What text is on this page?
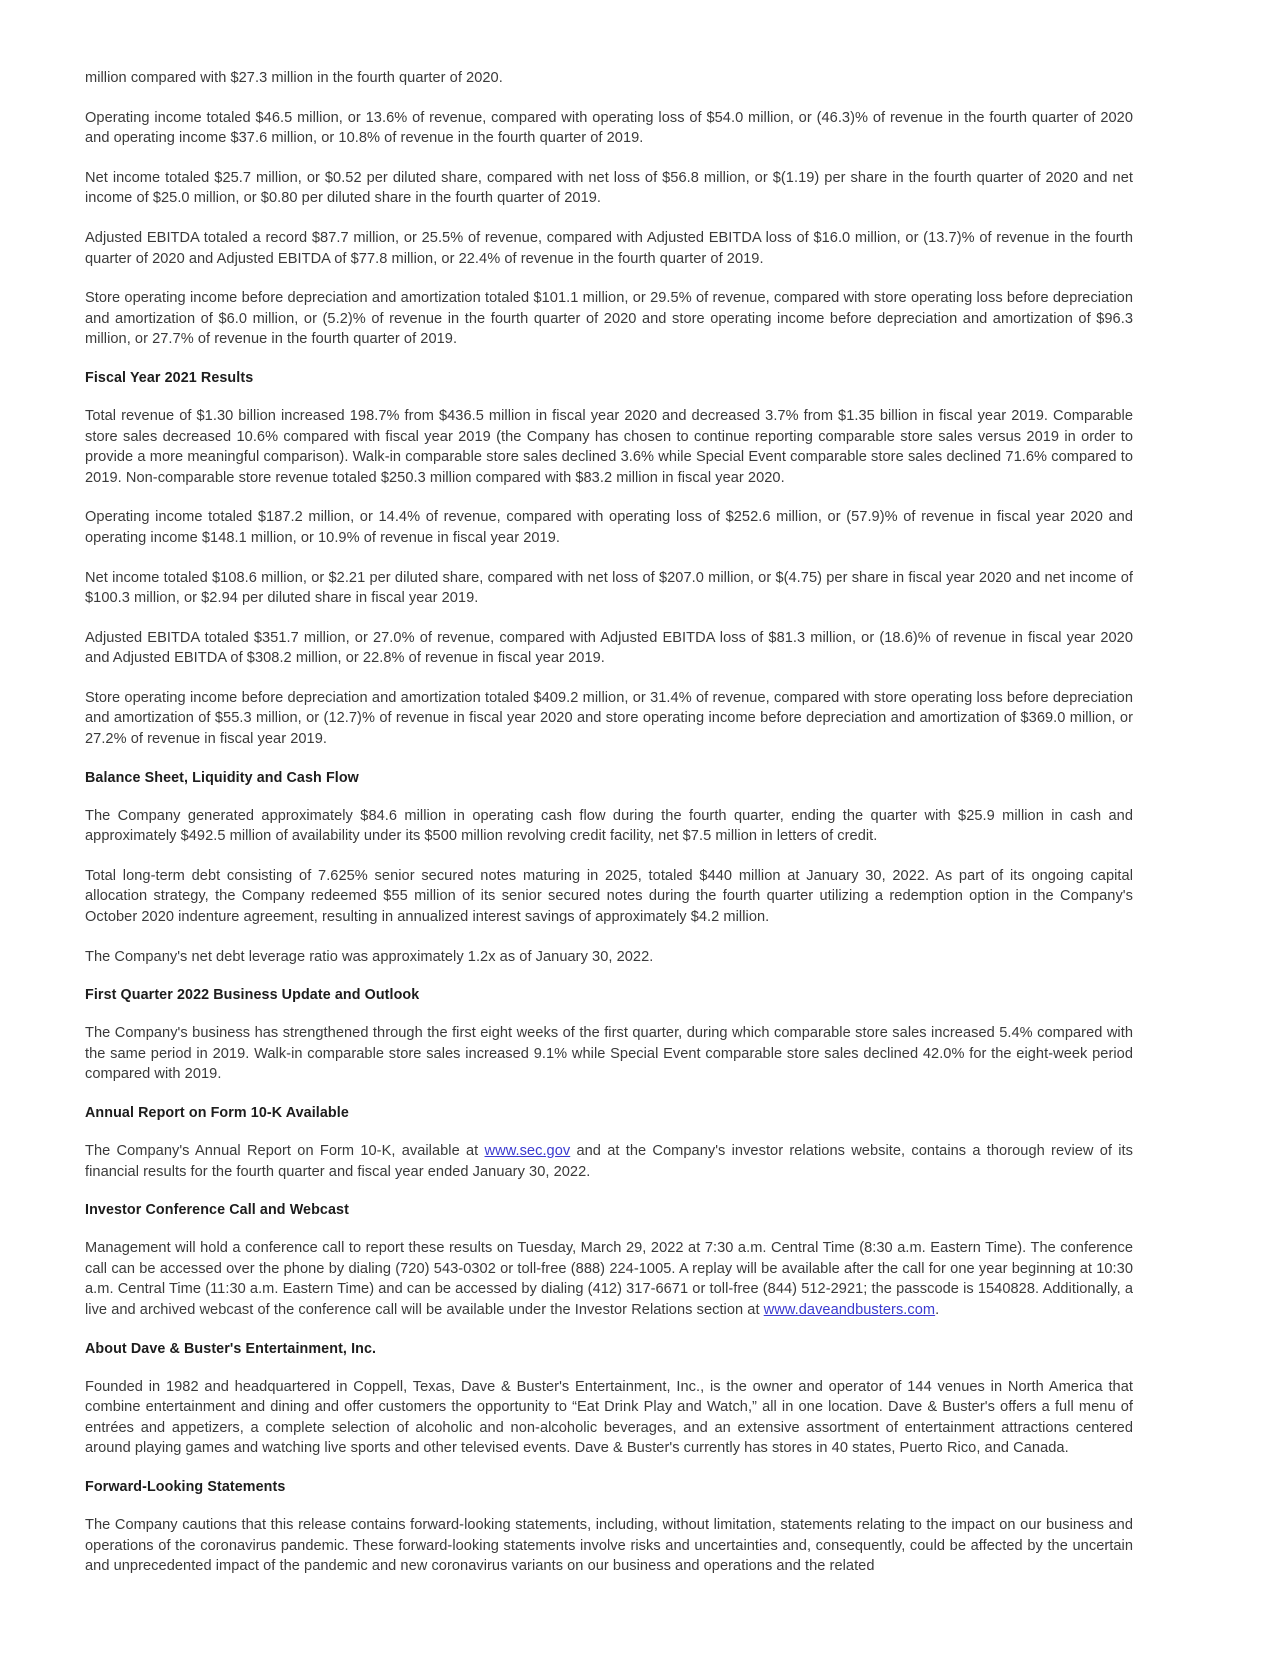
million compared with $27.3 million in the fourth quarter of 2020.

Operating income totaled $46.5 million, or 13.6% of revenue, compared with operating loss of $54.0 million, or (46.3)% of revenue in the fourth quarter of 2020 and operating income $37.6 million, or 10.8% of revenue in the fourth quarter of 2019.

Net income totaled $25.7 million, or $0.52 per diluted share, compared with net loss of $56.8 million, or $(1.19) per share in the fourth quarter of 2020 and net income of $25.0 million, or $0.80 per diluted share in the fourth quarter of 2019.

Adjusted EBITDA totaled a record $87.7 million, or 25.5% of revenue, compared with Adjusted EBITDA loss of $16.0 million, or (13.7)% of revenue in the fourth quarter of 2020 and Adjusted EBITDA of $77.8 million, or 22.4% of revenue in the fourth quarter of 2019.

Store operating income before depreciation and amortization totaled $101.1 million, or 29.5% of revenue, compared with store operating loss before depreciation and amortization of $6.0 million, or (5.2)% of revenue in the fourth quarter of 2020 and store operating income before depreciation and amortization of $96.3 million, or 27.7% of revenue in the fourth quarter of 2019.

Fiscal Year 2021 Results

Total revenue of $1.30 billion increased 198.7% from $436.5 million in fiscal year 2020 and decreased 3.7% from $1.35 billion in fiscal year 2019. Comparable store sales decreased 10.6% compared with fiscal year 2019 (the Company has chosen to continue reporting comparable store sales versus 2019 in order to provide a more meaningful comparison). Walk-in comparable store sales declined 3.6% while Special Event comparable store sales declined 71.6% compared to 2019. Non-comparable store revenue totaled $250.3 million compared with $83.2 million in fiscal year 2020.

Operating income totaled $187.2 million, or 14.4% of revenue, compared with operating loss of $252.6 million, or (57.9)% of revenue in fiscal year 2020 and operating income $148.1 million, or 10.9% of revenue in fiscal year 2019.

Net income totaled $108.6 million, or $2.21 per diluted share, compared with net loss of $207.0 million, or $(4.75) per share in fiscal year 2020 and net income of $100.3 million, or $2.94 per diluted share in fiscal year 2019.

Adjusted EBITDA totaled $351.7 million, or 27.0% of revenue, compared with Adjusted EBITDA loss of $81.3 million, or (18.6)% of revenue in fiscal year 2020 and Adjusted EBITDA of $308.2 million, or 22.8% of revenue in fiscal year 2019.

Store operating income before depreciation and amortization totaled $409.2 million, or 31.4% of revenue, compared with store operating loss before depreciation and amortization of $55.3 million, or (12.7)% of revenue in fiscal year 2020 and store operating income before depreciation and amortization of $369.0 million, or 27.2% of revenue in fiscal year 2019.

Balance Sheet, Liquidity and Cash Flow

The Company generated approximately $84.6 million in operating cash flow during the fourth quarter, ending the quarter with $25.9 million in cash and approximately $492.5 million of availability under its $500 million revolving credit facility, net $7.5 million in letters of credit.

Total long-term debt consisting of 7.625% senior secured notes maturing in 2025, totaled $440 million at January 30, 2022. As part of its ongoing capital allocation strategy, the Company redeemed $55 million of its senior secured notes during the fourth quarter utilizing a redemption option in the Company's October 2020 indenture agreement, resulting in annualized interest savings of approximately $4.2 million.

The Company's net debt leverage ratio was approximately 1.2x as of January 30, 2022.

First Quarter 2022 Business Update and Outlook

The Company's business has strengthened through the first eight weeks of the first quarter, during which comparable store sales increased 5.4% compared with the same period in 2019. Walk-in comparable store sales increased 9.1% while Special Event comparable store sales declined 42.0% for the eight-week period compared with 2019.

Annual Report on Form 10-K Available

The Company's Annual Report on Form 10-K, available at www.sec.gov and at the Company's investor relations website, contains a thorough review of its financial results for the fourth quarter and fiscal year ended January 30, 2022.

Investor Conference Call and Webcast

Management will hold a conference call to report these results on Tuesday, March 29, 2022 at 7:30 a.m. Central Time (8:30 a.m. Eastern Time). The conference call can be accessed over the phone by dialing (720) 543-0302 or toll-free (888) 224-1005. A replay will be available after the call for one year beginning at 10:30 a.m. Central Time (11:30 a.m. Eastern Time) and can be accessed by dialing (412) 317-6671 or toll-free (844) 512-2921; the passcode is 1540828. Additionally, a live and archived webcast of the conference call will be available under the Investor Relations section at www.daveandbusters.com.

About Dave & Buster's Entertainment, Inc.

Founded in 1982 and headquartered in Coppell, Texas, Dave & Buster's Entertainment, Inc., is the owner and operator of 144 venues in North America that combine entertainment and dining and offer customers the opportunity to “Eat Drink Play and Watch,” all in one location. Dave & Buster's offers a full menu of entrées and appetizers, a complete selection of alcoholic and non-alcoholic beverages, and an extensive assortment of entertainment attractions centered around playing games and watching live sports and other televised events. Dave & Buster's currently has stores in 40 states, Puerto Rico, and Canada.

Forward-Looking Statements

The Company cautions that this release contains forward-looking statements, including, without limitation, statements relating to the impact on our business and operations of the coronavirus pandemic. These forward-looking statements involve risks and uncertainties and, consequently, could be affected by the uncertain and unprecedented impact of the pandemic and new coronavirus variants on our business and operations and the related
